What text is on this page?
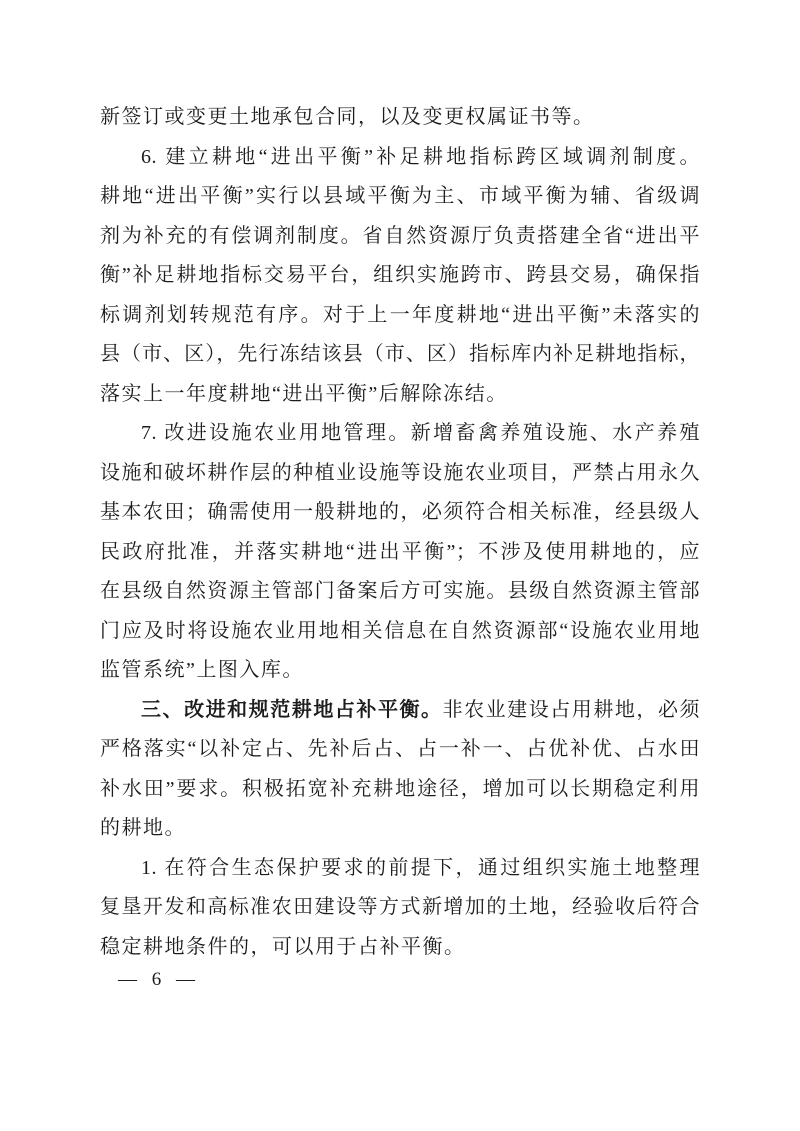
新签订或变更土地承包合同，以及变更权属证书等。

6. 建立耕地“进出平衡”补足耕地指标跨区域调剂制度。

耕地“进出平衡”实行以县域平衡为主、市域平衡为辅、省级调

剂为补充的有偿调剂制度。省自然资源厅负责搭建全省“进出平

衡”补足耕地指标交易平台，组织实施跨市、跨县交易，确保指

标调剂划转规范有序。对于上一年度耕地“进出平衡”未落实的

县（市、区），先行冻结该县（市、区）指标库内补足耕地指标，

落实上一年度耕地“进出平衡”后解除冻结。

7. 改进设施农业用地管理。新增畜禽养殖设施、水产养殖

设施和破坏耕作层的种植业设施等设施农业项目，严禁占用永久

基本农田；确需使用一般耕地的，必须符合相关标准，经县级人

民政府批准，并落实耕地“进出平衡”；不涉及使用耕地的，应

在县级自然资源主管部门备案后方可实施。县级自然资源主管部

门应及时将设施农业用地相关信息在自然资源部“设施农业用地

监管系统”上图入库。

三、改进和规范耕地占补平衡。非农业建设占用耕地，必须

严格落实“以补定占、先补后占、占一补一、占优补优、占水田

补水田”要求。积极拓宽补充耕地途径，增加可以长期稳定利用

的耕地。

1. 在符合生态保护要求的前提下，通过组织实施土地整理

复垦开发和高标准农田建设等方式新增加的土地，经验收后符合

稳定耕地条件的，可以用于占补平衡。

— 6 —
